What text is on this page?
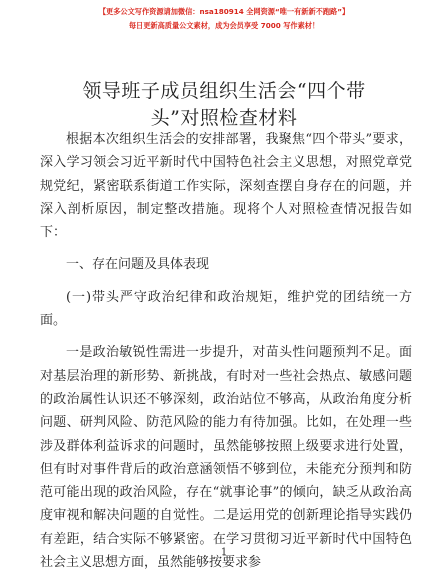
【更多公文写作资源请加微信：nsa180914 全网资源“唯一有新新不跑路”】
每日更新高质量公文素材，成为会员享受 7000 写作素材！
领导班子成员组织生活会“四个带头”对照检查材料

根据本次组织生活会的安排部署，我聚焦“四个带头”要求，深入学习领会习近平新时代中国特色社会主义思想，对照党章党规党纪，紧密联系街道工作实际，深刻查摆自身存在的问题，并深入剖析原因，制定整改措施。现将个人对照检查情况报告如下：

一、存在问题及具体表现

(一)带头严守政治纪律和政治规矩，维护党的团结统一方面。

一是政治敏锐性需进一步提升，对苗头性问题预判不足。面对基层治理的新形势、新挑战，有时对一些社会热点、敏感问题的政治属性认识还不够深刻，政治站位不够高，从政治角度分析问题、研判风险、防范风险的能力有待加强。比如，在处理一些涉及群体利益诉求的问题时，虽然能够按照上级要求进行处置，但有时对事件背后的政治意涵领悟不够到位，未能充分预判和防范可能出现的政治风险，存在“就事论事”的倾向，缺乏从政治高度审视和解决问题的自觉性。二是运用党的创新理论指导实践仍有差距，结合实际不够紧密。在学习贯彻习近平新时代中国特色社会主义思想方面，虽然能够按要求参

1
